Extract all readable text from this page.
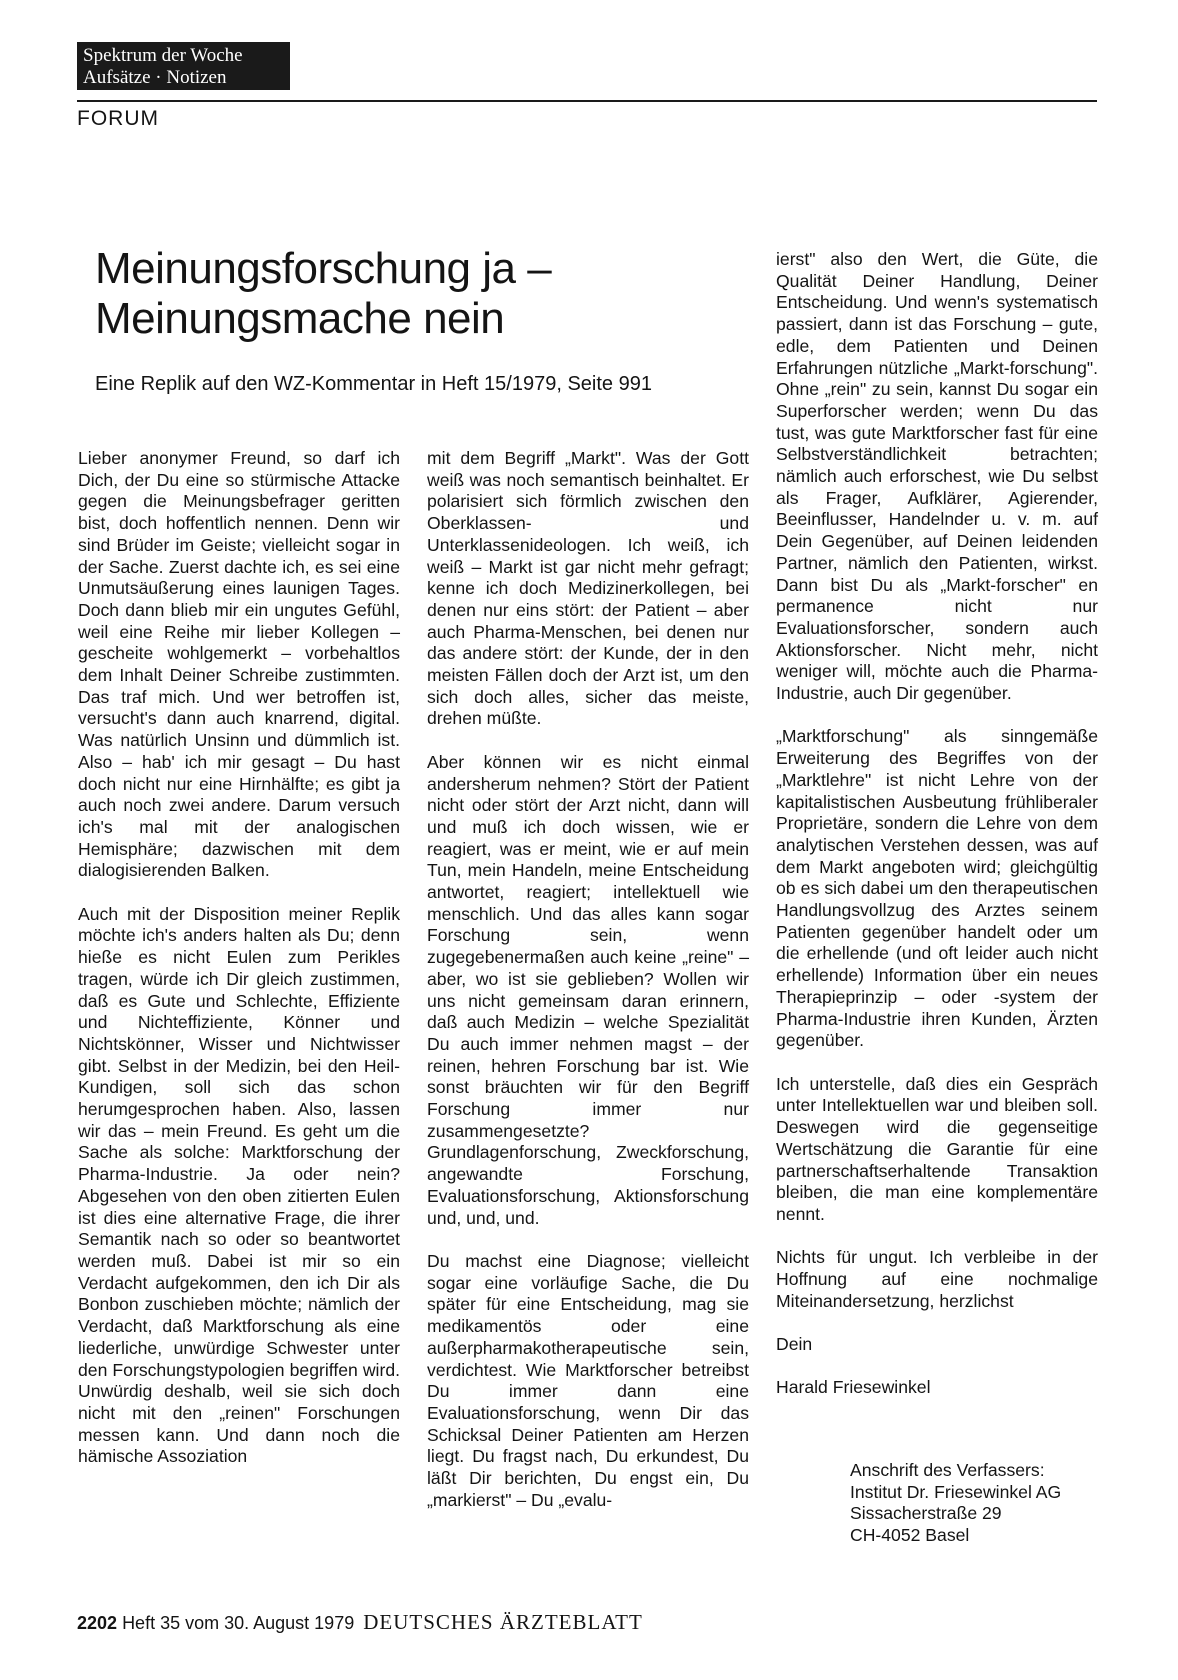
Spektrum der Woche
Aufsätze · Notizen
FORUM
Meinungsforschung ja –
Meinungsmache nein
Eine Replik auf den WZ-Kommentar in Heft 15/1979, Seite 991

Lieber anonymer Freund, so darf ich Dich, der Du eine so stürmische Attacke gegen die Meinungsbefrager geritten bist, doch hoffentlich nennen. Denn wir sind Brüder im Geiste; vielleicht sogar in der Sache. Zuerst dachte ich, es sei eine Unmutsäußerung eines launigen Tages. Doch dann blieb mir ein ungutes Gefühl, weil eine Reihe mir lieber Kollegen – gescheite wohlgemerkt – vorbehaltlos dem Inhalt Deiner Schreibe zustimmten. Das traf mich. Und wer betroffen ist, versucht's dann auch knarrend, digital. Was natürlich Unsinn und dümmlich ist. Also – hab' ich mir gesagt – Du hast doch nicht nur eine Hirnhälfte; es gibt ja auch noch zwei andere. Darum versuch ich's mal mit der analogischen Hemisphäre; dazwischen mit dem dialogisierenden Balken.

Auch mit der Disposition meiner Replik möchte ich's anders halten als Du; denn hieße es nicht Eulen zum Perikles tragen, würde ich Dir gleich zustimmen, daß es Gute und Schlechte, Effiziente und Nichteffiziente, Könner und Nichtskönner, Wisser und Nichtwisser gibt. Selbst in der Medizin, bei den Heil-Kundigen, soll sich das schon herumgesprochen haben. Also, lassen wir das – mein Freund. Es geht um die Sache als solche: Marktforschung der Pharma-Industrie. Ja oder nein? Abgesehen von den oben zitierten Eulen ist dies eine alternative Frage, die ihrer Semantik nach so oder so beantwortet werden muß. Dabei ist mir so ein Verdacht aufgekommen, den ich Dir als Bonbon zuschieben möchte; nämlich der Verdacht, daß Marktforschung als eine liederliche, unwürdige Schwester unter den Forschungstypologien begriffen wird. Unwürdig deshalb, weil sie sich doch nicht mit den „reinen" Forschungen messen kann. Und dann noch die hämische Assoziation

mit dem Begriff „Markt". Was der Gott weiß was noch semantisch beinhaltet. Er polarisiert sich förmlich zwischen den Oberklassen- und Unterklassenideologen. Ich weiß, ich weiß – Markt ist gar nicht mehr gefragt; kenne ich doch Medizinerkollegen, bei denen nur eins stört: der Patient – aber auch Pharma-Menschen, bei denen nur das andere stört: der Kunde, der in den meisten Fällen doch der Arzt ist, um den sich doch alles, sicher das meiste, drehen müßte.

Aber können wir es nicht einmal andersherum nehmen? Stört der Patient nicht oder stört der Arzt nicht, dann will und muß ich doch wissen, wie er reagiert, was er meint, wie er auf mein Tun, mein Handeln, meine Entscheidung antwortet, reagiert; intellektuell wie menschlich. Und das alles kann sogar Forschung sein, wenn zugegebenermaßen auch keine „reine" – aber, wo ist sie geblieben? Wollen wir uns nicht gemeinsam daran erinnern, daß auch Medizin – welche Spezialität Du auch immer nehmen magst – der reinen, hehren Forschung bar ist. Wie sonst bräuchten wir für den Begriff Forschung immer nur zusammengesetzte? Grundlagenforschung, Zweckforschung, angewandte Forschung, Evaluationsforschung, Aktionsforschung und, und, und.

Du machst eine Diagnose; vielleicht sogar eine vorläufige Sache, die Du später für eine Entscheidung, mag sie medikamentös oder eine außerpharmakotherapeutische sein, verdichtest. Wie Marktforscher betreibst Du immer dann eine Evaluationsforschung, wenn Dir das Schicksal Deiner Patienten am Herzen liegt. Du fragst nach, Du erkundest, Du läßt Dir berichten, Du engst ein, Du „markierst" – Du „evalu-

ierst" also den Wert, die Güte, die Qualität Deiner Handlung, Deiner Entscheidung. Und wenn's systematisch passiert, dann ist das Forschung – gute, edle, dem Patienten und Deinen Erfahrungen nützliche „Markt-forschung". Ohne „rein" zu sein, kannst Du sogar ein Superforscher werden; wenn Du das tust, was gute Marktforscher fast für eine Selbstverständlichkeit betrachten; nämlich auch erforschest, wie Du selbst als Frager, Aufklärer, Agierender, Beeinflusser, Handelnder u. v. m. auf Dein Gegenüber, auf Deinen leidenden Partner, nämlich den Patienten, wirkst. Dann bist Du als „Markt-forscher" en permanence nicht nur Evaluationsforscher, sondern auch Aktionsforscher. Nicht mehr, nicht weniger will, möchte auch die Pharma-Industrie, auch Dir gegenüber.

„Marktforschung" als sinngemäße Erweiterung des Begriffes von der „Marktlehre" ist nicht Lehre von der kapitalistischen Ausbeutung frühliberaler Proprietäre, sondern die Lehre von dem analytischen Verstehen dessen, was auf dem Markt angeboten wird; gleichgültig ob es sich dabei um den therapeutischen Handlungsvollzug des Arztes seinem Patienten gegenüber handelt oder um die erhellende (und oft leider auch nicht erhellende) Information über ein neues Therapieprinzip – oder -system der Pharma-Industrie ihren Kunden, Ärzten gegenüber.

Ich unterstelle, daß dies ein Gespräch unter Intellektuellen war und bleiben soll. Deswegen wird die gegenseitige Wertschätzung die Garantie für eine partnerschaftserhaltende Transaktion bleiben, die man eine komplementäre nennt.

Nichts für ungut. Ich verbleibe in der Hoffnung auf eine nochmalige Miteinandersetzung, herzlichst

Dein

Harald Friesewinkel

Anschrift des Verfassers:
Institut Dr. Friesewinkel AG
Sissacherstraße 29
CH-4052 Basel
2202 Heft 35 vom 30. August 1979 DEUTSCHES ÄRZTEBLATT
